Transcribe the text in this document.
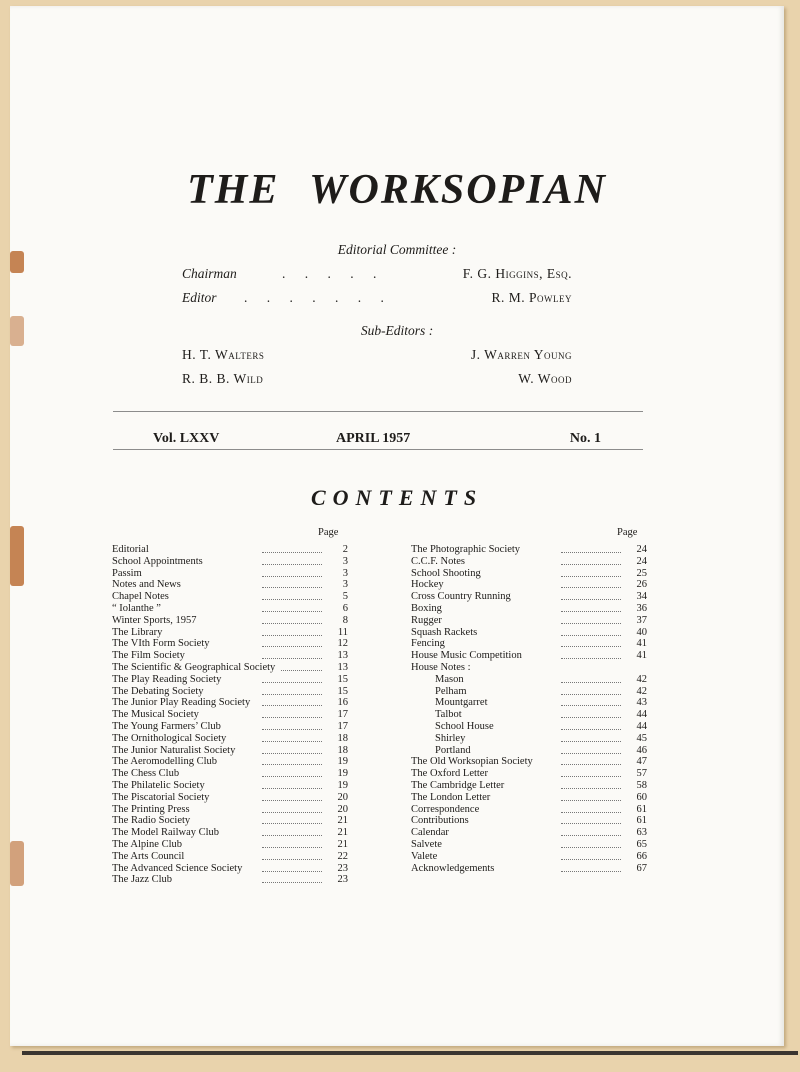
THE WORKSOPIAN
Editorial Committee :
Chairman	. . . . .	F. G. Higgins, Esq.
Editor . . . . . . .	R. M. Powley
Sub-Editors :
H. T. Walters	J. Warren Young
R. B. B. Wild	W. Wood
Vol. LXXV	APRIL 1957	No. 1
CONTENTS
Page	Page
Editorial	2
School Appointments	3
Passim	3
Notes and News	3
Chapel Notes	5
“ Iolanthe ”	6
Winter Sports, 1957	8
The Library	11
The VIth Form Society	12
The Film Society	13
The Scientific & Geographical Society	13
The Play Reading Society	15
The Debating Society	15
The Junior Play Reading Society	16
The Musical Society	17
The Young Farmers’ Club	17
The Ornithological Society	18
The Junior Naturalist Society	18
The Aeromodelling Club	19
The Chess Club	19
The Philatelic Society	19
The Piscatorial Society	20
The Printing Press	20
The Radio Society	21
The Model Railway Club	21
The Alpine Club	21
The Arts Council	22
The Advanced Science Society	23
The Jazz Club	23
The Photographic Society	24
C.C.F. Notes	24
School Shooting	25
Hockey	26
Cross Country Running	34
Boxing	36
Rugger	37
Squash Rackets	40
Fencing	41
House Music Competition	41
House Notes :
Mason	42
Pelham	42
Mountgarret	43
Talbot	44
School House	44
Shirley	45
Portland	46
The Old Worksopian Society	47
The Oxford Letter	57
The Cambridge Letter	58
The London Letter	60
Correspondence	61
Contributions	61
Calendar	63
Salvete	65
Valete	66
Acknowledgements	67
